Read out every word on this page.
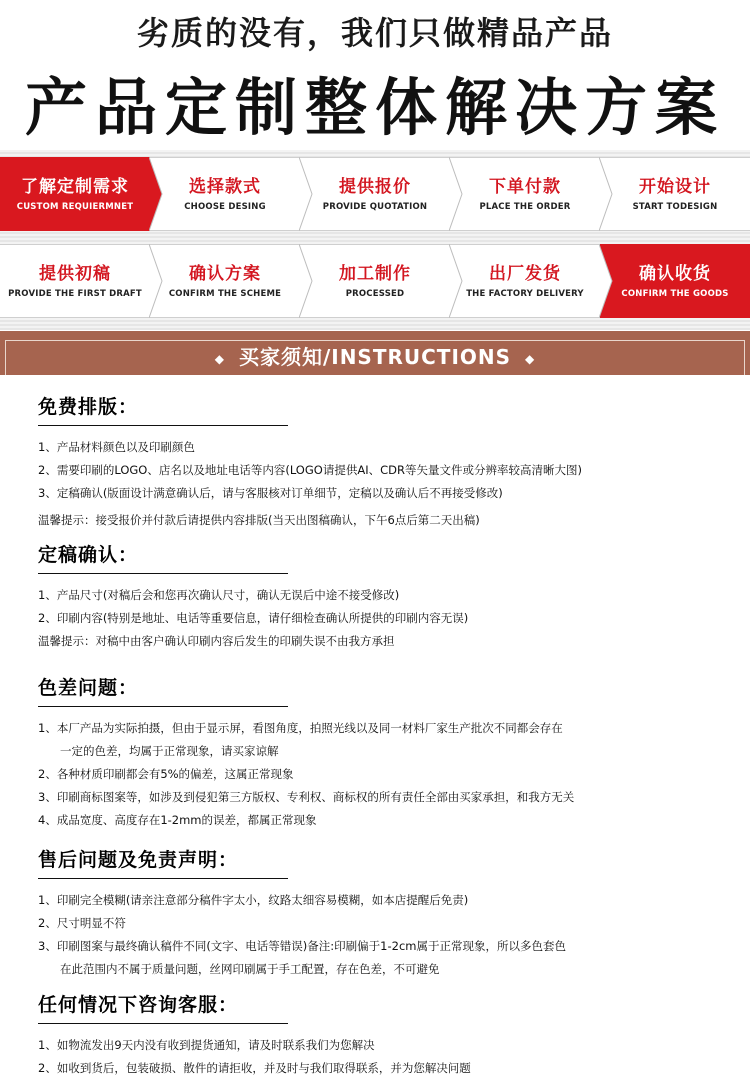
劣质的没有，我们只做精品产品
产品定制整体解决方案
了解定制需求
CUSTOM REQUIERMNET
选择款式
CHOOSE DESING
提供报价
PROVIDE QUOTATION
下单付款
PLACE THE ORDER
开始设计
START TODESIGN
提供初稿
PROVIDE THE FIRST DRAFT
确认方案
CONFIRM THE SCHEME
加工制作
PROCESSED
出厂发货
THE FACTORY DELIVERY
确认收货
CONFIRM THE GOODS
◆ 买家须知/INSTRUCTIONS ◆
免费排版：

1、产品材料颜色以及印刷颜色

2、需要印刷的LOGO、店名以及地址电话等内容(LOGO请提供AI、CDR等矢量文件或分辨率较高清晰大图)

3、定稿确认(版面设计满意确认后，请与客服核对订单细节，定稿以及确认后不再接受修改)

温馨提示：接受报价并付款后请提供内容排版(当天出图稿确认，下午6点后第二天出稿)

定稿确认：

1、产品尺寸(对稿后会和您再次确认尺寸，确认无误后中途不接受修改)

2、印刷内容(特别是地址、电话等重要信息，请仔细检查确认所提供的印刷内容无误)

温馨提示：对稿中由客户确认印刷内容后发生的印刷失误不由我方承担

色差问题：

1、本厂产品为实际拍摄，但由于显示屏，看图角度，拍照光线以及同一材料厂家生产批次不同都会存在

一定的色差，均属于正常现象，请买家谅解

2、各种材质印刷都会有5%的偏差，这属正常现象

3、印刷商标图案等，如涉及到侵犯第三方版权、专利权、商标权的所有责任全部由买家承担，和我方无关

4、成品宽度、高度存在1-2mm的误差，都属正常现象

售后问题及免责声明：

1、印刷完全模糊(请亲注意部分稿件字太小，纹路太细容易模糊，如本店提醒后免责)

2、尺寸明显不符

3、印刷图案与最终确认稿件不同(文字、电话等错误)备注:印刷偏于1-2cm属于正常现象，所以多色套色

在此范围内不属于质量问题，丝网印刷属于手工配置，存在色差，不可避免

任何情况下咨询客服：

1、如物流发出9天内没有收到提货通知，请及时联系我们为您解决

2、如收到货后，包装破损、散件的请拒收，并及时与我们取得联系，并为您解决问题
